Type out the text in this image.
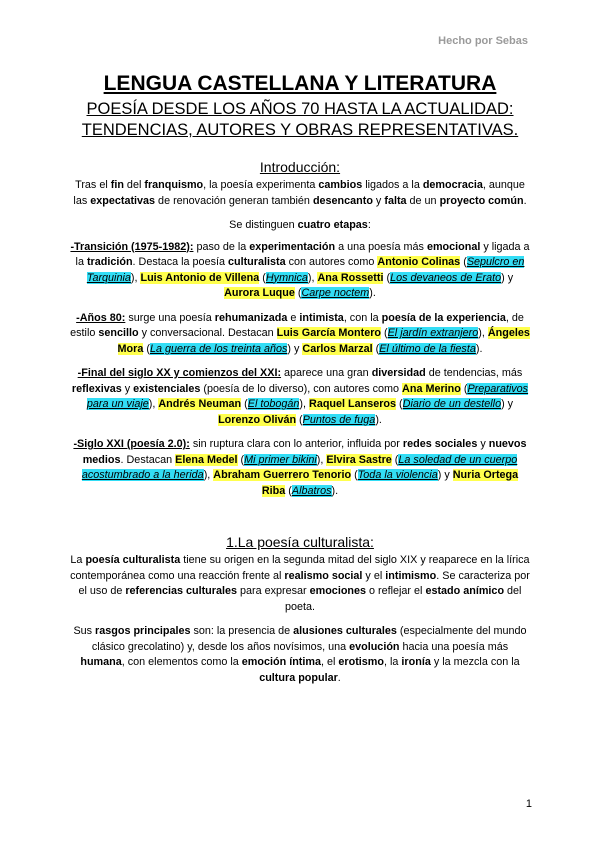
Hecho por Sebas
LENGUA CASTELLANA Y LITERATURA
POESÍA DESDE LOS AÑOS 70 HASTA LA ACTUALIDAD: TENDENCIAS, AUTORES Y OBRAS REPRESENTATIVAS.
Introducción:

Tras el fin del franquismo, la poesía experimenta cambios ligados a la democracia, aunque las expectativas de renovación generan también desencanto y falta de un proyecto común.

Se distinguen cuatro etapas:

-Transición (1975-1982): paso de la experimentación a una poesía más emocional y ligada a la tradición. Destaca la poesía culturalista con autores como Antonio Colinas (Sepulcro en Tarquinia), Luis Antonio de Villena (Hymnica), Ana Rossetti (Los devaneos de Erato) y Aurora Luque (Carpe noctem).

-Años 80: surge una poesía rehumanizada e intimista, con la poesía de la experiencia, de estilo sencillo y conversacional. Destacan Luis García Montero (El jardín extranjero), Ángeles Mora (La guerra de los treinta años) y Carlos Marzal (El último de la fiesta).

-Final del siglo XX y comienzos del XXI: aparece una gran diversidad de tendencias, más reflexivas y existenciales (poesía de lo diverso), con autores como Ana Merino (Preparativos para un viaje), Andrés Neuman (El tobogán), Raquel Lanseros (Diario de un destello) y Lorenzo Oliván (Puntos de fuga).

-Siglo XXI (poesía 2.0): sin ruptura clara con lo anterior, influida por redes sociales y nuevos medios. Destacan Elena Medel (Mi primer bikini), Elvira Sastre (La soledad de un cuerpo acostumbrado a la herida), Abraham Guerrero Tenorio (Toda la violencia) y Nuria Ortega Riba (Albatros).

1.La poesía culturalista:

La poesía culturalista tiene su origen en la segunda mitad del siglo XIX y reaparece en la lírica contemporánea como una reacción frente al realismo social y el intimismo. Se caracteriza por el uso de referencias culturales para expresar emociones o reflejar el estado anímico del poeta.

Sus rasgos principales son: la presencia de alusiones culturales (especialmente del mundo clásico grecolatino) y, desde los años novísimos, una evolución hacia una poesía más humana, con elementos como la emoción íntima, el erotismo, la ironía y la mezcla con la cultura popular.

1
